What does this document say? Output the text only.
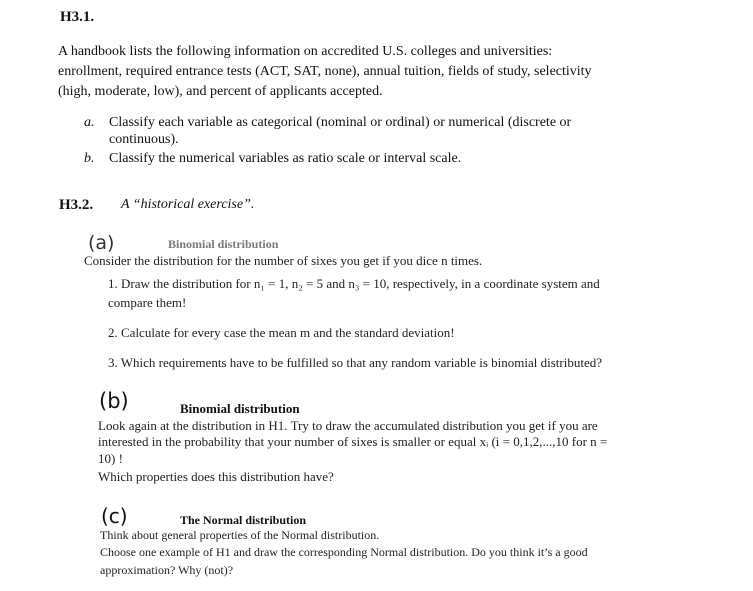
H3.1.
A handbook lists the following information on accredited U.S. colleges and universities:
enrollment, required entrance tests (ACT, SAT, none), annual tuition, fields of study, selectivity
(high, moderate, low), and percent of applicants accepted.
a. Classify each variable as categorical (nominal or ordinal) or numerical (discrete or
continuous).
b. Classify the numerical variables as ratio scale or interval scale.
H3.2. A “historical exercise”.
(a)	Binomial distribution
Consider the distribution for the number of sixes you get if you dice n times.
1. Draw the distribution for n₁ = 1, n₂ = 5 and n₃ = 10, respectively, in a coordinate system and
compare them!
2. Calculate for every case the mean m and the standard deviation!
3. Which requirements have to be fulfilled so that any random variable is binomial distributed?
(b)	Binomial distribution
Look again at the distribution in H1. Try to draw the accumulated distribution you get if you are
interested in the probability that your number of sixes is smaller or equal xᵢ (i = 0,1,2,...,10 for n =
10) !
Which properties does this distribution have?
(c)	The Normal distribution
Think about general properties of the Normal distribution.
Choose one example of H1 and draw the corresponding Normal distribution. Do you think it’s a good
approximation? Why (not)?
